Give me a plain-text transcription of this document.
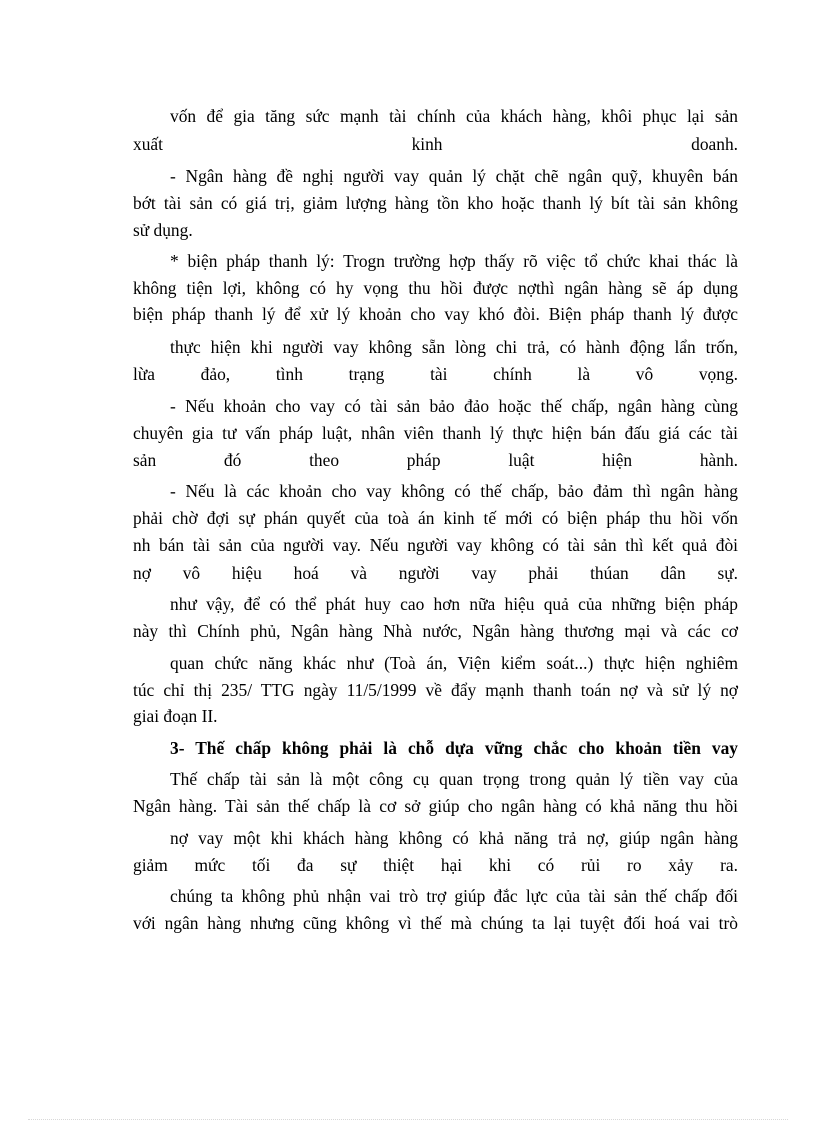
vốn để gia tăng sức mạnh tài chính của khách hàng, khôi phục lại sản
xuất kinh doanh.
- Ngân hàng đề nghị người vay quản lý chặt chẽ ngân quỹ, khuyên bán
bớt tài sản có giá trị, giảm lượng hàng tồn kho hoặc thanh lý bít tài sản không
sử dụng.
* biện pháp thanh lý: Trogn trường hợp thấy rõ việc tổ chức khai thác là
không tiện lợi, không có hy vọng thu hồi được nợthì ngân hàng sẽ áp dụng
biện pháp thanh lý để xử lý khoản cho vay khó đòi. Biện pháp thanh lý được
thực hiện khi người vay không sẵn lòng chi trả, có hành động lẩn trốn,
lừa đảo, tình trạng tài chính là vô vọng.
- Nếu khoản cho vay có tài sản bảo đảo hoặc thế chấp, ngân hàng cùng
chuyên gia tư vấn pháp luật, nhân viên thanh lý thực hiện bán đấu giá các tài
sản đó theo pháp luật hiện hành.
- Nếu là các khoản cho vay không có thế chấp, bảo đảm thì ngân hàng
phải chờ đợi sự phán quyết của toà án kinh tế mới có biện pháp thu hồi vốn
nh bán tài sản của người vay. Nếu người vay không có tài sản thì kết quả đòi
nợ vô hiệu hoá và người vay phải thúan dân sự.
như vậy, để có thể phát huy cao hơn nữa hiệu quả của những biện pháp
này thì Chính phủ, Ngân hàng Nhà nước, Ngân hàng thương mại và các cơ
quan chức năng khác như (Toà án, Viện kiểm soát...) thực hiện nghiêm
túc chỉ thị 235/ TTG ngày 11/5/1999 về đẩy mạnh thanh toán nợ và sử lý nợ
giai đoạn II.
3- Thế chấp không phải là chỗ dựa vững chắc cho khoản tiền vay
Thế chấp tài sản là một công cụ quan trọng trong quản lý tiền vay của
Ngân hàng. Tài sản thế chấp là cơ sở giúp cho ngân hàng có khả năng thu hồi
nợ vay một khi khách hàng không có khả năng trả nợ, giúp ngân hàng
giảm mức tối đa sự thiệt hại khi có rủi ro xảy ra.
chúng ta không phủ nhận vai trò trợ giúp đắc lực của tài sản thế chấp đối
với ngân hàng nhưng cũng không vì thế mà chúng ta lại tuyệt đối hoá vai trò
